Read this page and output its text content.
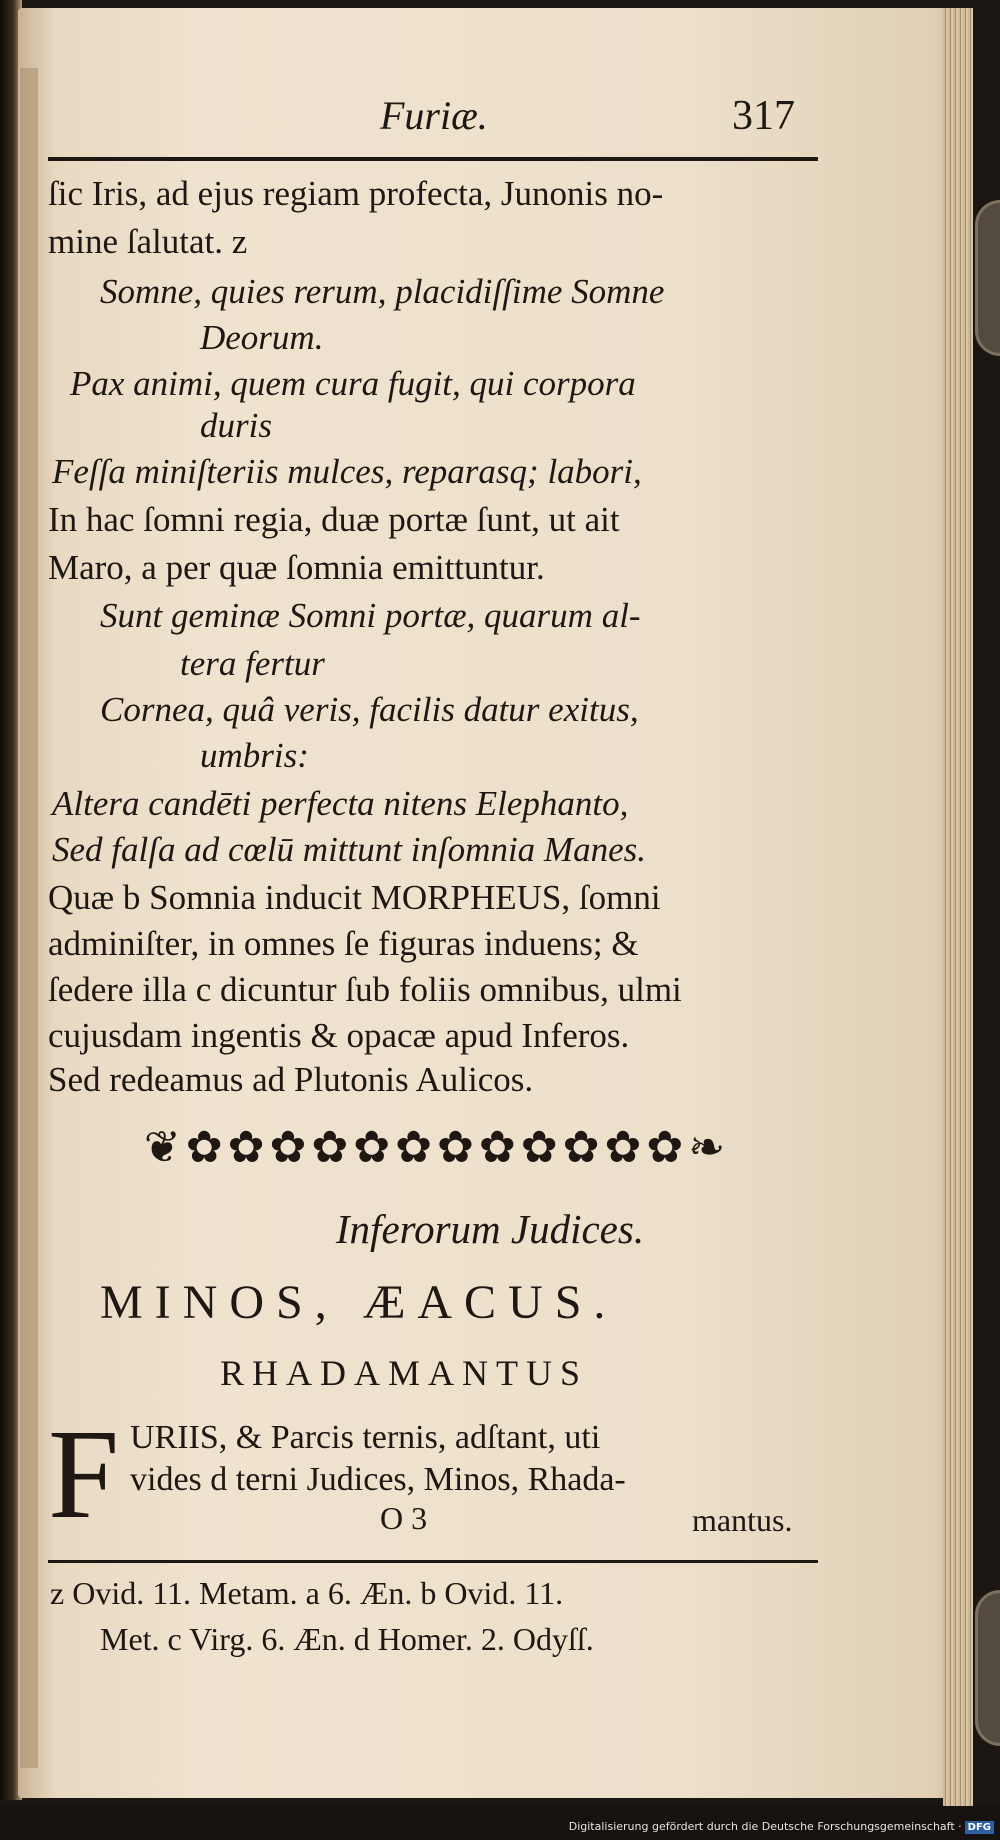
Furiæ.	317
ſic Iris, ad ejus regiam profecta, Junonis no-
mine ſalutat. z
Somne, quies rerum, placidiſſime Somne
Deorum.
Pax animi, quem cura fugit, qui corpora
duris
Feſſa miniſteriis mulces, reparasq; labori,
In hac ſomni regia, duæ portæ ſunt, ut ait
Maro, a per quæ ſomnia emittuntur.
Sunt geminæ Somni portæ, quarum al-
tera fertur
Cornea, quâ veris, facilis datur exitus,
umbris:
Altera candēti perfecta nitens Elephanto,
Sed falſa ad cœlū mittunt inſomnia Manes.
Quæ b Somnia inducit MORPHEUS, ſomni
adminiſter, in omnes ſe figuras induens; &
ſedere illa c dicuntur ſub foliis omnibus, ulmi
cujusdam ingentis & opacæ apud Inferos.
Sed redeamus ad Plutonis Aulicos.
❦ ✿ ✿ ✿ ✿ ✿ ✿ ✿ ✿ ✿ ✿ ✿ ✿ ❧
Inferorum Judices.
MINOS, ÆACUS.
RHADAMANTUS
F URIIS, & Parcis ternis, adſtant, uti
vides d terni Judices, Minos, Rhada-
O 3	mantus.
z Ovid. 11. Metam. a 6. Æn. b Ovid. 11.
Met. c Virg. 6. Æn. d Homer. 2. Odyſſ.
Digitalisierung gefördert durch die Deutsche Forschungsgemeinschaft · DFG
